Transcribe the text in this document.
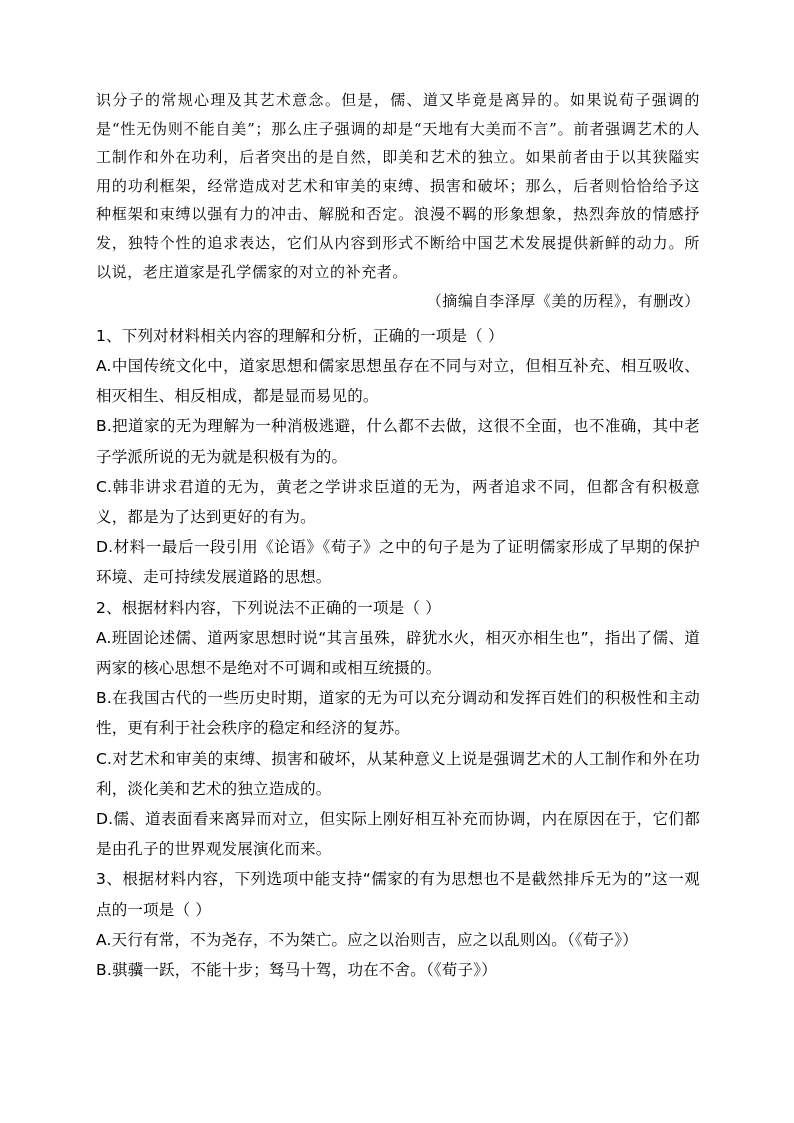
识分子的常规心理及其艺术意念。但是，儒、道又毕竟是离异的。如果说荀子强调的是“性无伪则不能自美”；那么庄子强调的却是“天地有大美而不言”。前者强调艺术的人工制作和外在功利，后者突出的是自然，即美和艺术的独立。如果前者由于以其狭隘实用的功利框架，经常造成对艺术和审美的束缚、损害和破坏；那么，后者则恰恰给予这种框架和束缚以强有力的冲击、解脱和否定。浪漫不羁的形象想象，热烈奔放的情感抒发，独特个性的追求表达，它们从内容到形式不断给中国艺术发展提供新鲜的动力。所以说，老庄道家是孔学儒家的对立的补充者。

（摘编自李泽厚《美的历程》，有删改）

1、下列对材料相关内容的理解和分析，正确的一项是（ ）

A.中国传统文化中，道家思想和儒家思想虽存在不同与对立，但相互补充、相互吸收、相灭相生、相反相成，都是显而易见的。

B.把道家的无为理解为一种消极逃避，什么都不去做，这很不全面，也不准确，其中老子学派所说的无为就是积极有为的。

C.韩非讲求君道的无为，黄老之学讲求臣道的无为，两者追求不同，但都含有积极意义，都是为了达到更好的有为。

D.材料一最后一段引用《论语》《荀子》之中的句子是为了证明儒家形成了早期的保护环境、走可持续发展道路的思想。

2、根据材料内容，下列说法不正确的一项是（ ）

A.班固论述儒、道两家思想时说“其言虽殊，辟犹水火，相灭亦相生也”，指出了儒、道两家的核心思想不是绝对不可调和或相互统摄的。

B.在我国古代的一些历史时期，道家的无为可以充分调动和发挥百姓们的积极性和主动性，更有利于社会秩序的稳定和经济的复苏。

C.对艺术和审美的束缚、损害和破坏，从某种意义上说是强调艺术的人工制作和外在功利，淡化美和艺术的独立造成的。

D.儒、道表面看来离异而对立，但实际上刚好相互补充而协调，内在原因在于，它们都是由孔子的世界观发展演化而来。

3、根据材料内容，下列选项中能支持“儒家的有为思想也不是截然排斥无为的”这一观点的一项是（ ）

A.天行有常，不为尧存，不为桀亡。应之以治则吉，应之以乱则凶。（《荀子》）

B.骐骥一跃，不能十步；驽马十驾，功在不舍。（《荀子》）
